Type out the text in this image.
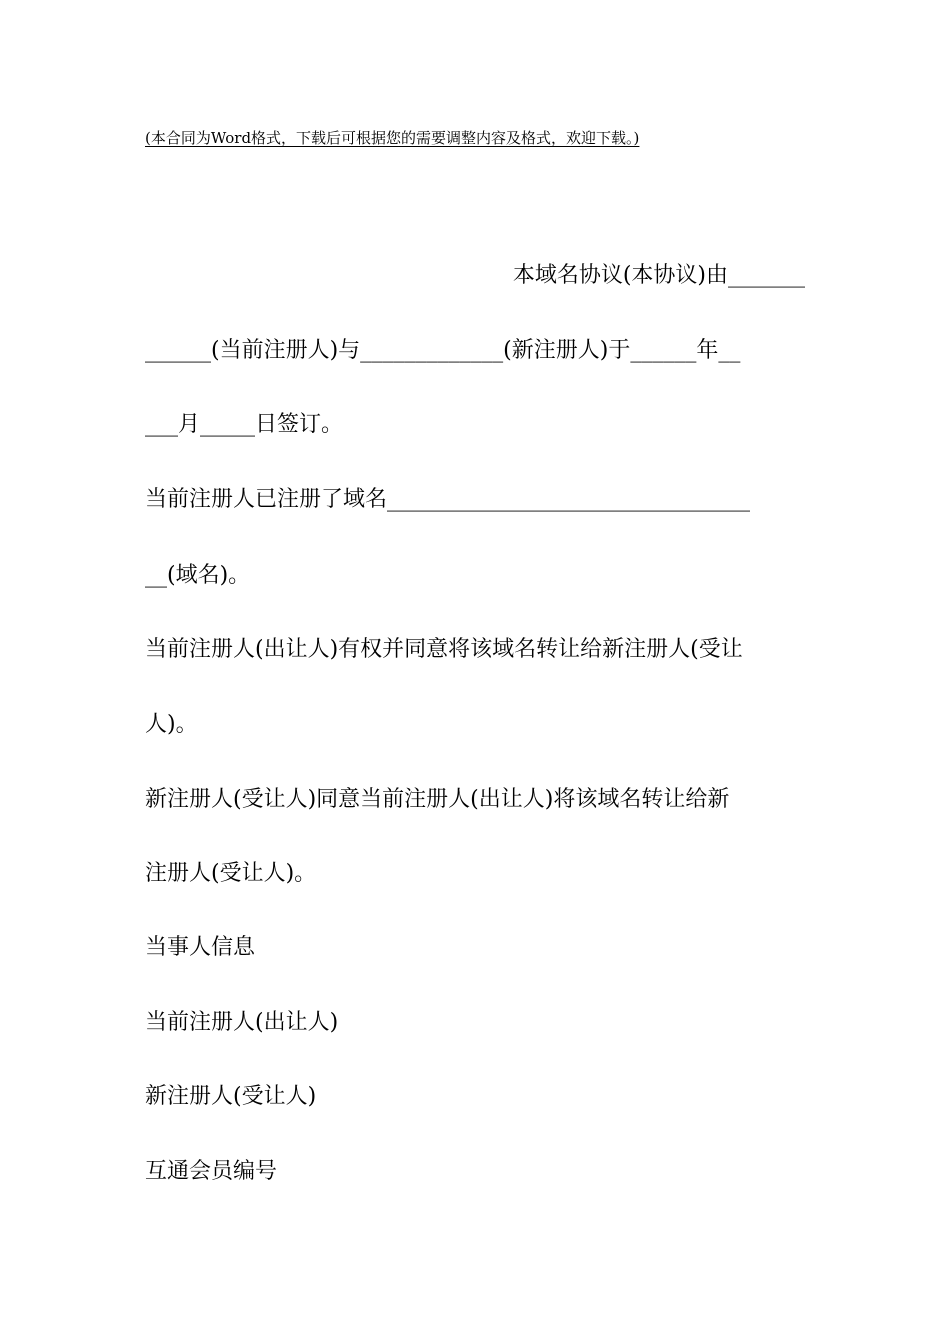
(本合同为Word格式，下载后可根据您的需要调整内容及格式，欢迎下载。)
本域名协议(本协议)由_______
______(当前注册人)与_____________(新注册人)于______年__
___月_____日签订。
当前注册人已注册了域名_________________________________
__(域名)。
当前注册人(出让人)有权并同意将该域名转让给新注册人(受让
人)。
新注册人(受让人)同意当前注册人(出让人)将该域名转让给新
注册人(受让人)。
当事人信息
当前注册人(出让人)
新注册人(受让人)
互通会员编号
